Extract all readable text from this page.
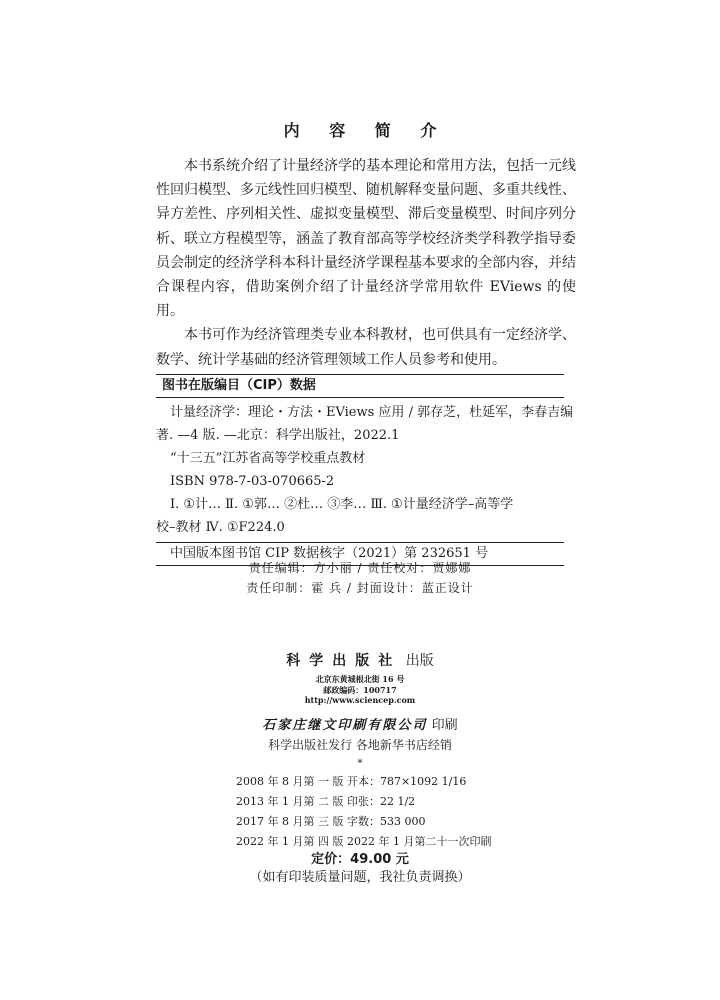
内 容 简 介

本书系统介绍了计量经济学的基本理论和常用方法，包括一元线性回归模型、多元线性回归模型、随机解释变量问题、多重共线性、异方差性、序列相关性、虚拟变量模型、滞后变量模型、时间序列分析、联立方程模型等，涵盖了教育部高等学校经济类学科教学指导委员会制定的经济学科本科计量经济学课程基本要求的全部内容，并结合课程内容，借助案例介绍了计量经济学常用软件 EViews 的使用。

本书可作为经济管理类专业本科教材，也可供具有一定经济学、数学、统计学基础的经济管理领域工作人员参考和使用。

图书在版编目（CIP）数据
计量经济学：理论・方法・EViews 应用 / 郭存芝，杜延军，李春吉编
著. —4 版. —北京：科学出版社，2022.1
“十三五”江苏省高等学校重点教材
ISBN 978-7-03-070665-2
Ⅰ. ①计… Ⅱ. ①郭… ②杜… ③李… Ⅲ. ①计量经济学–高等学
校–教材 Ⅳ. ①F224.0
中国版本图书馆 CIP 数据核字（2021）第 232651 号
责任编辑：方小丽 / 责任校对：贾娜娜
责任印制：霍 兵 / 封面设计：蓝正设计
科学出版社 出版
北京东黄城根北街 16 号
邮政编码：100717
http://www.sciencep.com
石家庄继文印刷有限公司 印刷
科学出版社发行 各地新华书店经销
*
2008 年 8 月第 一 版 开本：787×1092 1/16
2013 年 1 月第 二 版 印张：22 1/2
2017 年 8 月第 三 版 字数：533 000
2022 年 1 月第 四 版 2022 年 1 月第二十一次印刷
定价：49.00 元
（如有印装质量问题，我社负责调换）
